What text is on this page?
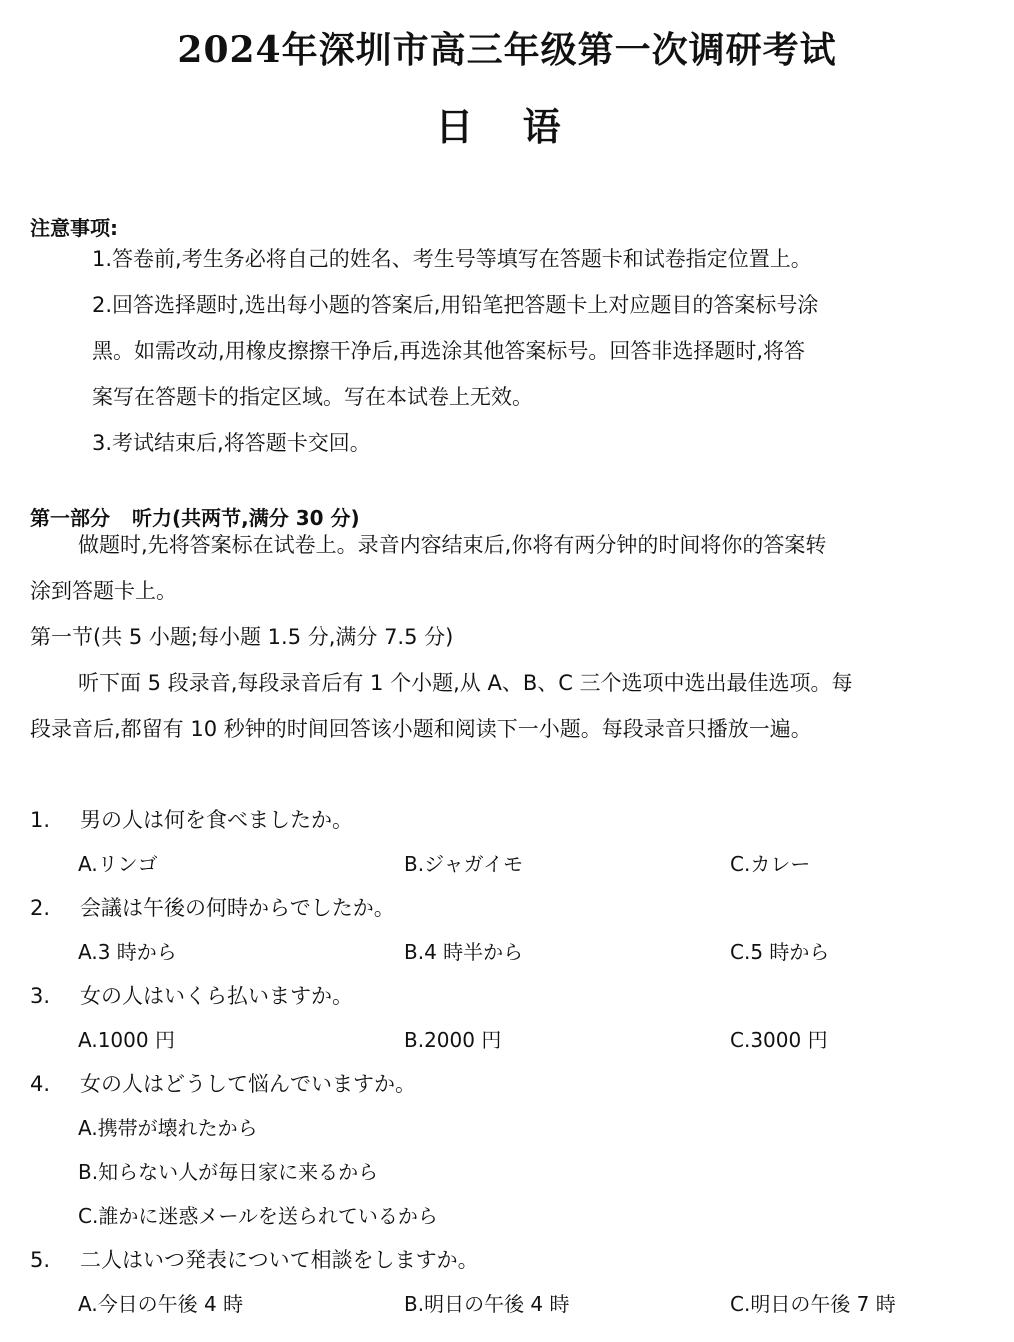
2024年深圳市高三年级第一次调研考试
日 语
注意事项:
1.答卷前,考生务必将自己的姓名、考生号等填写在答题卡和试卷指定位置上。
2.回答选择题时,选出每小题的答案后,用铅笔把答题卡上对应题目的答案标号涂
黑。如需改动,用橡皮擦擦干净后,再选涂其他答案标号。回答非选择题时,将答
案写在答题卡的指定区域。写在本试卷上无效。
3.考试结束后,将答题卡交回。
第一部分 听力(共两节,满分 30 分)
做题时,先将答案标在试卷上。录音内容结束后,你将有两分钟的时间将你的答案转
涂到答题卡上。
第一节(共 5 小题;每小题 1.5 分,满分 7.5 分)
听下面 5 段录音,每段录音后有 1 个小题,从 A、B、C 三个选项中选出最佳选项。每
段录音后,都留有 10 秒钟的时间回答该小题和阅读下一小题。每段录音只播放一遍。
1. 男の人は何を食べましたか。
A.リンゴ	B.ジャガイモ	C.カレー
2. 会議は午後の何時からでしたか。
A.3 時から	B.4 時半から	C.5 時から
3. 女の人はいくら払いますか。
A.1000 円	B.2000 円	C.3000 円
4. 女の人はどうして悩んでいますか。
A.携帯が壊れたから
B.知らない人が毎日家に来るから
C.誰かに迷惑メールを送られているから
5. 二人はいつ発表について相談をしますか。
A.今日の午後 4 時	B.明日の午後 4 時	C.明日の午後 7 時
